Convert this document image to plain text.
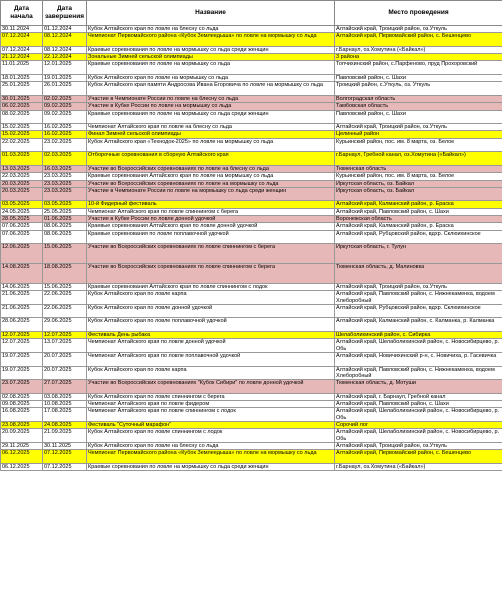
Дата начала	Дата завершения	Название	Место проведения
30.11.2024	01.12.2024	Кубок Алтайского края по ловле на блесну со льда	Алтайский край, Троицкий район, оз.Уткуль
07.12.2024	08.12.2024	Чемпионат Первомайского района «Кубок Землеедыша» по ловле на мормышку со льда	Алтайский край, Первомайский район, с. Бешенцево
07.12.2024	08.12.2024	Краевые соревнования по ловле на мормышку со льда среди женщин	г.Барнаул, оз.Хомутина («Байкал»)
21.12.2024	22.12.2024	Зональные Зимней сельской олимпиады	3 района
11.01.2025	12.01.2025	Краевые соревнования по ловле на мормышку со льда	Топчихинский район, с.Парфеново, пруд Прохоровский
18.01.2025	19.01.2025	Кубок Алтайского края по ловле на мормышку со льда	Павловский район, с. Шахи
25.01.2025	26.01.2025	Кубок Алтайского края памяти Андросова Ивана Егоровича по ловле на мормышку со льда	Троицкий район, с.Уткуль, оз. Уткуль
30.01.2025	02.02.2025	Участие в Чемпионате России по ловле на блесну со льда	Волгоградская область
06.02.2025	09.02.2025	Участие в Кубке России по ловле на мормышку со льда	Тамбовская область
08.02.2025	09.02.2025	Краевые соревнования по ловле на мормышку со льда среди женщин	Павловский район, с. Шахи
15.02.2025	16.02.2025	Чемпионат Алтайского края по ловле на блесну со льда	Алтайский край, Троицкий район, оз.Уткуль
15.02.2025	16.02.2025	Финал Зимней сельской олимпиады	Целинный район
22.02.2025	23.02.2025	Кубок Алтайского края «Технодок-2025» по ловле на мормышку со льда	Курьинский район, пос. им. 8 марта, оз. Белое
01.03.2025	02.03.2025	Отборочные соревнования в сборную Алтайского края	г.Барнаул, Гребной канал, оз.Хомутина («Байкал»)
13.03.2025	16.03.2025	Участие во Всероссийских соревнованиях по ловле на блесну со льда	Тюменская область
22.03.2025	23.03.2025	Краевые соревнования Алтайского края по ловле на мормышку со льда	Курьинский район, пос. им. 8 марта, оз. Белое
20.03.2025	23.03.2025	Участие во Всероссийских соревнованиях по ловле на мормышку со льда	Иркутская область, оз. Байкал
20.03.2025	23.03.2025	Участие в Чемпионате России по ловле на мормышку со льда среди женщин	Иркутская область, оз. Байкал
03.05.2025	03.05.2025	10-й Фидерный фестиваль	Алтайский край, Калманский район, р. Ераска
24.05.2025	25.05.2025	Чемпионат Алтайского края по ловле спиннингом с берега	Алтайский край, Павловский район, с. Шахи
28.05.2025	01.06.2025	Участие в Кубке России по ловле донной удочкой	Воронежская область
07.06.2025	08.06.2025	Краевые соревнования Алтайского края по ловле донной удочкой	Алтайский край, Калманский район, р. Ераска
07.06.2025	08.06.2025	Краевые соревнования по ловле поплавочной удочкой	Алтайский край, Рубцовский район, вдхр. Склюихинское
12.06.2025	15.06.2025	Участие во Всероссийских соревнованиях по ловле спиннингом с берега	Иркутская область, г. Тулун
14.08.2025	18.08.2025	Участие во Всероссийских соревнованиях по ловле спиннингом с берега	Тюменская область, д. Малиновка
14.06.2025	15.06.2025	Краевые соревнования Алтайского края по ловле спиннингом с лодок	Алтайский край, Троицкий район, оз.Уткуль
21.06.2025	22.06.2025	Кубок Алтайского края по ловле карпа	Алтайский край, Павловский район, с. Нижнекаменка, водоем Хлеборобный
21.06.2025	22.06.2025	Кубок Алтайского края по ловле донной удочкой	Алтайский край, Рубцовский район, вдхр. Склюихинское
28.06.2025	29.06.2025	Кубок Алтайского края по ловле поплавочной удочкой	Алтайский край, Калманский район, с. Калманка, р. Калманка
12.07.2025	12.07.2025	Фестиваль День рыбака	Шелаболихинский район, с. Сибирка
12.07.2025	13.07.2025	Чемпионат Алтайского края по ловле донной удочкой	Алтайский край, Шелаболихинский район, с. Новосибирцево, р. Обь
19.07.2025	20.07.2025	Чемпионат Алтайского края по ловле поплавочной удочкой	Алтайский край, Новичихинский р-н, с. Новичиха, р. Гасевичка
19.07.2025	20.07.2025	Кубок Алтайского края по ловле карпа	Алтайский край, Павловский район, с. Нижнекаменка, водоем Хлеборобный
23.07.2025	27.07.2025	Участие во Всероссийских соревнованиях "Кубок Сибири" по ловле донной удочкой	Тюменская область, д. Мотуши
02.08.2025	03.08.2025	Кубок Алтайского края по ловле спиннингом с берега	Алтайский край, г. Барнаул, Гребной канал
09.08.2025	10.08.2025	Чемпионат Алтайского края по ловле фидером	Алтайский край, Павловский район, с. Шахи
16.08.2025	17.08.2025	Чемпионат Алтайского края по ловле спиннингом с лодок	Алтайский край, Шелаболихинский район, с. Новосибирцево, р. Обь
23.08.2025	24.08.2025	Фестиваль "Суточный марафон"	Сорочий лог
20.09.2025	21.09.2025	Кубок Алтайского края по ловле спиннингом с лодок	Алтайский край, Шелаболихинский район, с. Новосибирцево, р. Обь
29.11.2025	30.11.2025	Кубок Алтайского края по ловле на блесну со льда	Алтайский край, Троицкий район, оз.Уткуль
06.12.2025	07.12.2025	Чемпионат Первомайского района «Кубок Землеедыша» по ловле на мормышку со льда	Алтайский край, Первомайский район, с. Бешенцево
06.12.2025	07.12.2025	Краевые соревнования по ловле на мормышку со льда среди женщин	г.Барнаул, оз.Хомутина («Байкал»)
